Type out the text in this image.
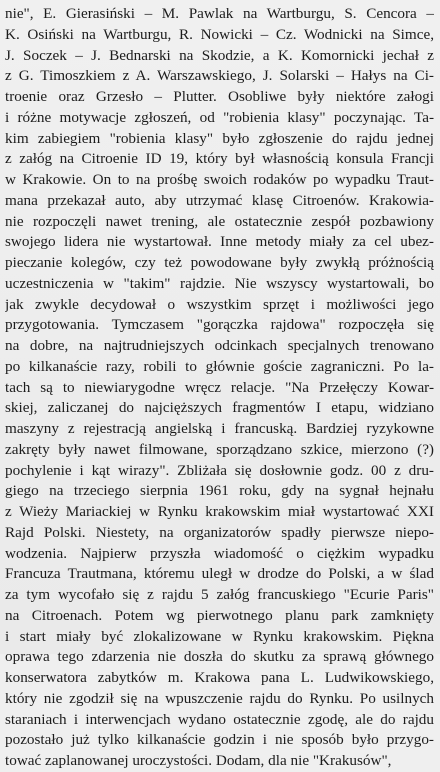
nie", E. Gierasiński – M. Pawlak na Wartburgu, S. Cencora –
K. Osiński na Wartburgu, R. Nowicki – Cz. Wodnicki na Simce,
J. Soczek – J. Bednarski na Skodzie, a K. Komornicki jechał z
z G. Timoszkiem z A. Warszawskiego, J. Solarski – Hałys na Ci-
troenie oraz Grzesło – Plutter. Osobliwe były niektóre załogi
i różne motywacje zgłoszeń, od "robienia klasy" poczynając. Ta-
kim zabiegiem "robienia klasy" było zgłoszenie do rajdu jednej
z załóg na Citroenie ID 19, który był własnością konsula Francji
w Krakowie. On to na prośbę swoich rodaków po wypadku Traut-
mana przekazał auto, aby utrzymać klasę Citroenów. Krakowia-
nie rozpoczęli nawet trening, ale ostatecznie zespół pozbawiony
swojego lidera nie wystartował. Inne metody miały za cel ubez-
pieczanie kolegów, czy też powodowane były zwykłą próżnością
uczestniczenia w "takim" rajdzie. Nie wszyscy wystartowali, bo
jak zwykle decydował o wszystkim sprzęt i możliwości jego
przygotowania. Tymczasem "gorączka rajdowa" rozpoczęła się
na dobre, na najtrudniejszych odcinkach specjalnych trenowano
po kilkanaście razy, robili to głównie goście zagraniczni. Po la-
tach są to niewiarygodne wręcz relacje. "Na Przełęczy Kowar-
skiej, zaliczanej do najcięższych fragmentów I etapu, widziano
maszyny z rejestracją angielską i francuską. Bardziej ryzykowne
zakręty były nawet filmowane, sporządzano szkice, mierzono (?)
pochylenie i kąt wirazy". Zbliżała się dosłownie godz. 00 z dru-
giego na trzeciego sierpnia 1961 roku, gdy na sygnał hejnału
z Wieży Mariackiej w Rynku krakowskim miał wystartować XXI
Rajd Polski. Niestety, na organizatorów spadły pierwsze niepo-
wodzenia. Najpierw przyszła wiadomość o ciężkim wypadku
Francuza Trautmana, któremu uległ w drodze do Polski, a w ślad
za tym wycofało się z rajdu 5 załóg francuskiego "Ecurie Paris"
na Citroenach. Potem wg pierwotnego planu park zamknięty
i start miały być zlokalizowane w Rynku krakowskim. Piękna
oprawa tego zdarzenia nie doszła do skutku za sprawą głównego
konserwatora zabytków m. Krakowa pana L. Ludwikowskiego,
który nie zgodził się na wpuszczenie rajdu do Rynku. Po usilnych
staraniach i interwencjach wydano ostatecznie zgodę, ale do rajdu
pozostało już tylko kilkanaście godzin i nie sposób było przygo-
tować zaplanowanej uroczystości. Dodam, dla nie "Krakusów",
